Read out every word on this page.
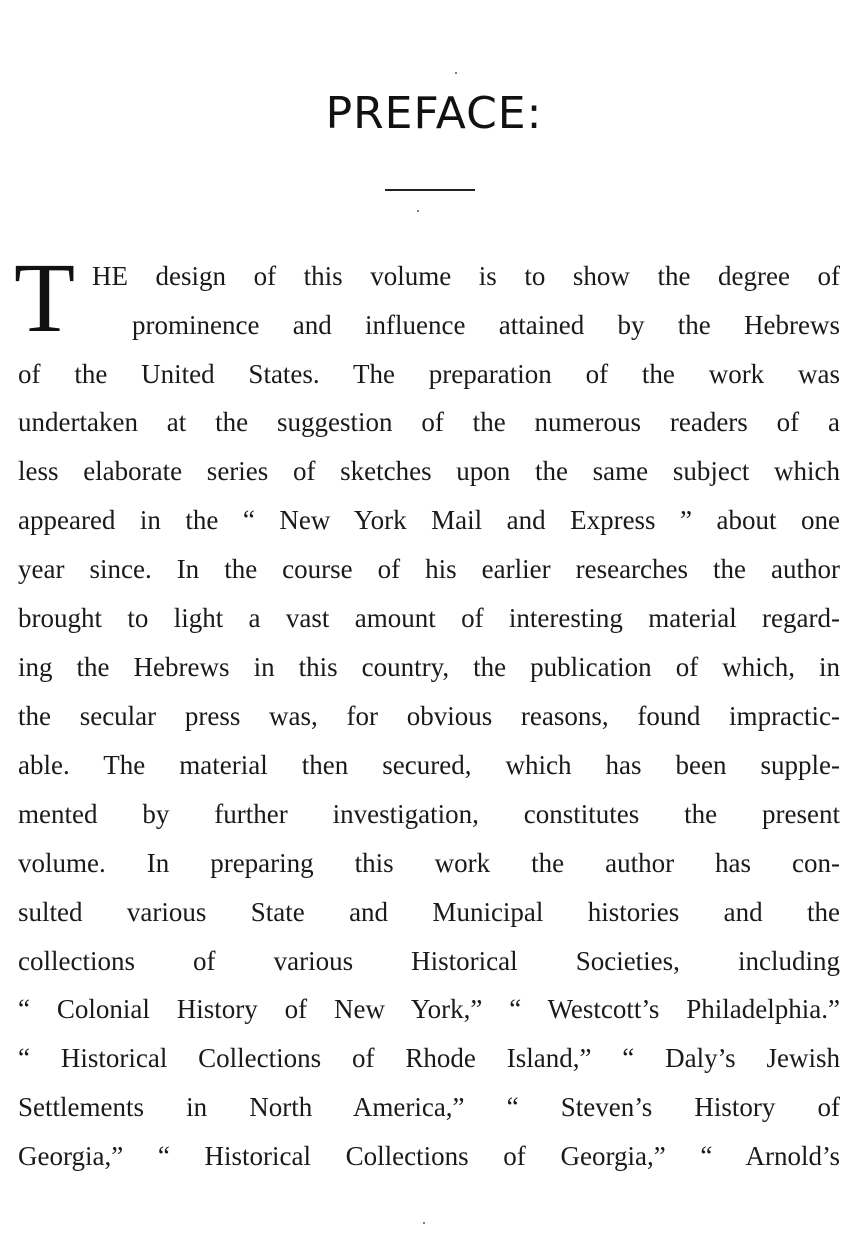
PREFACE:
T HE design of this volume is to show the degree of
prominence and influence attained by the Hebrews
of the United States. The preparation of the work was
undertaken at the suggestion of the numerous readers of a
less elaborate series of sketches upon the same subject which
appeared in the “ New York Mail and Express ” about one
year since. In the course of his earlier researches the author
brought to light a vast amount of interesting material regard-
ing the Hebrews in this country, the publication of which, in
the secular press was, for obvious reasons, found impractic-
able. The material then secured, which has been supple-
mented by further investigation, constitutes the present
volume. In preparing this work the author has con-
sulted various State and Municipal histories and the
collections of various Historical Societies, including
“ Colonial History of New York,” “ Westcott’s Philadelphia.”
“ Historical Collections of Rhode Island,” “ Daly’s Jewish
Settlements in North America,” “ Steven’s History of
Georgia,” “ Historical Collections of Georgia,” “ Arnold’s
